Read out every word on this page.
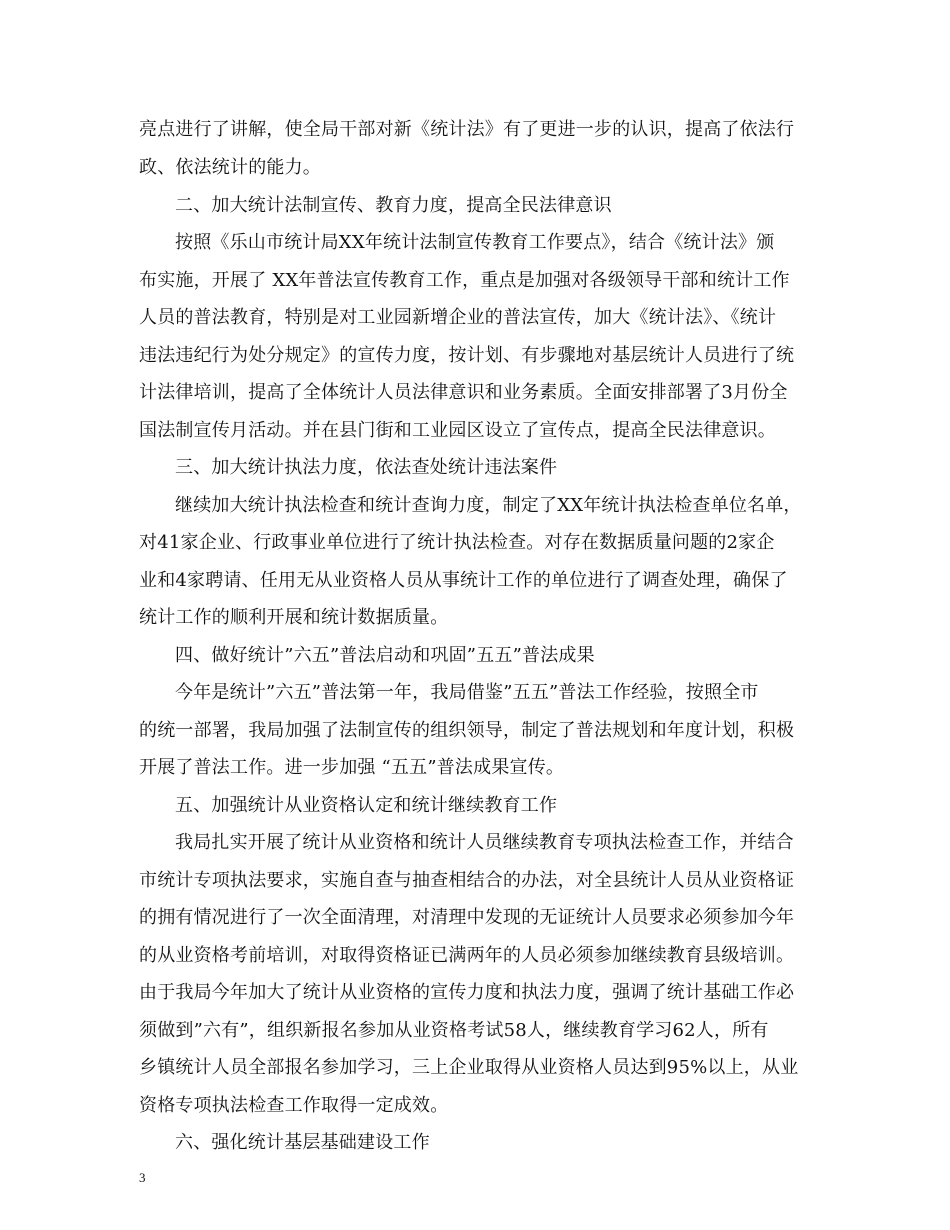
亮点进行了讲解，使全局干部对新《统计法》有了更进一步的认识，提高了依法行
政、依法统计的能力。
二、加大统计法制宣传、教育力度，提高全民法律意识
按照《乐山市统计局XX年统计法制宣传教育工作要点》，结合《统计法》颁
布实施，开展了 XX年普法宣传教育工作，重点是加强对各级领导干部和统计工作
人员的普法教育，特别是对工业园新增企业的普法宣传，加大《统计法》、《统计
违法违纪行为处分规定》的宣传力度，按计划、有步骤地对基层统计人员进行了统
计法律培训，提高了全体统计人员法律意识和业务素质。全面安排部署了3月份全
国法制宣传月活动。并在县门街和工业园区设立了宣传点，提高全民法律意识。
三、加大统计执法力度，依法查处统计违法案件
继续加大统计执法检查和统计查询力度，制定了XX年统计执法检查单位名单，
对41家企业、行政事业单位进行了统计执法检查。对存在数据质量问题的2家企
业和4家聘请、任用无从业资格人员从事统计工作的单位进行了调查处理，确保了
统计工作的顺利开展和统计数据质量。
四、做好统计”六五”普法启动和巩固”五五”普法成果
今年是统计”六五”普法第一年，我局借鉴”五五”普法工作经验，按照全市
的统一部署，我局加强了法制宣传的组织领导，制定了普法规划和年度计划，积极
开展了普法工作。进一步加强 “五五”普法成果宣传。
五、加强统计从业资格认定和统计继续教育工作
我局扎实开展了统计从业资格和统计人员继续教育专项执法检查工作，并结合
市统计专项执法要求，实施自查与抽查相结合的办法，对全县统计人员从业资格证
的拥有情况进行了一次全面清理，对清理中发现的无证统计人员要求必须参加今年
的从业资格考前培训，对取得资格证已满两年的人员必须参加继续教育县级培训。
由于我局今年加大了统计从业资格的宣传力度和执法力度，强调了统计基础工作必
须做到”六有”，组织新报名参加从业资格考试58人，继续教育学习62人，所有
乡镇统计人员全部报名参加学习，三上企业取得从业资格人员达到95%以上，从业
资格专项执法检查工作取得一定成效。
六、强化统计基层基础建设工作
3
